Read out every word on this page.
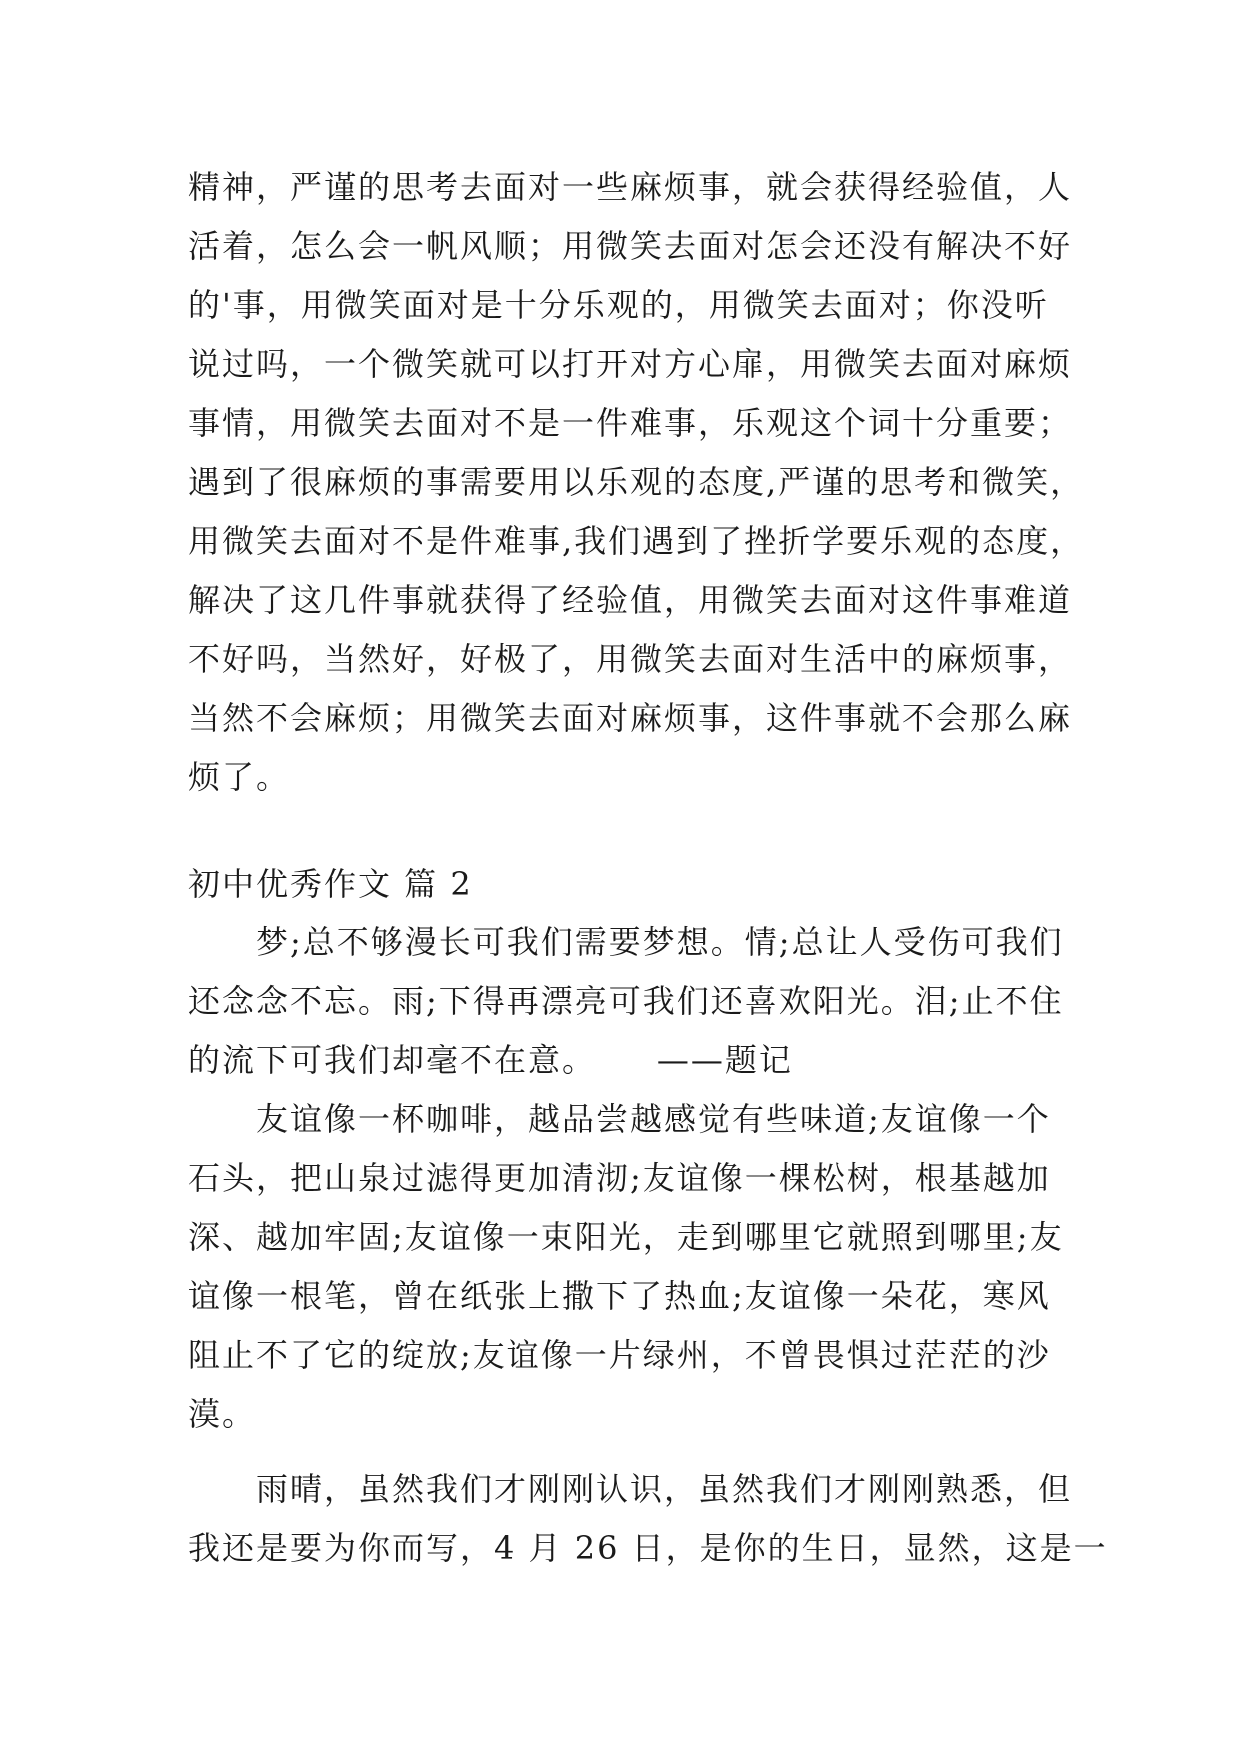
精神，严谨的思考去面对一些麻烦事，就会获得经验值，人
活着，怎么会一帆风顺；用微笑去面对怎会还没有解决不好
的'事，用微笑面对是十分乐观的，用微笑去面对；你没听
说过吗，一个微笑就可以打开对方心扉，用微笑去面对麻烦
事情，用微笑去面对不是一件难事，乐观这个词十分重要；
遇到了很麻烦的事需要用以乐观的态度,严谨的思考和微笑，
用微笑去面对不是件难事,我们遇到了挫折学要乐观的态度，
解决了这几件事就获得了经验值，用微笑去面对这件事难道
不好吗，当然好，好极了，用微笑去面对生活中的麻烦事，
当然不会麻烦；用微笑去面对麻烦事，这件事就不会那么麻
烦了。

初中优秀作文 篇 2

梦;总不够漫长可我们需要梦想。情;总让人受伤可我们
还念念不忘。雨;下得再漂亮可我们还喜欢阳光。泪;止不住
的流下可我们却毫不在意。     ——题记

友谊像一杯咖啡，越品尝越感觉有些味道;友谊像一个
石头，把山泉过滤得更加清沏;友谊像一棵松树，根基越加
深、越加牢固;友谊像一束阳光，走到哪里它就照到哪里;友
谊像一根笔，曾在纸张上撒下了热血;友谊像一朵花，寒风
阻止不了它的绽放;友谊像一片绿州，不曾畏惧过茫茫的沙
漠。

雨晴，虽然我们才刚刚认识，虽然我们才刚刚熟悉，但
我还是要为你而写，4 月 26 日，是你的生日，显然，这是一
